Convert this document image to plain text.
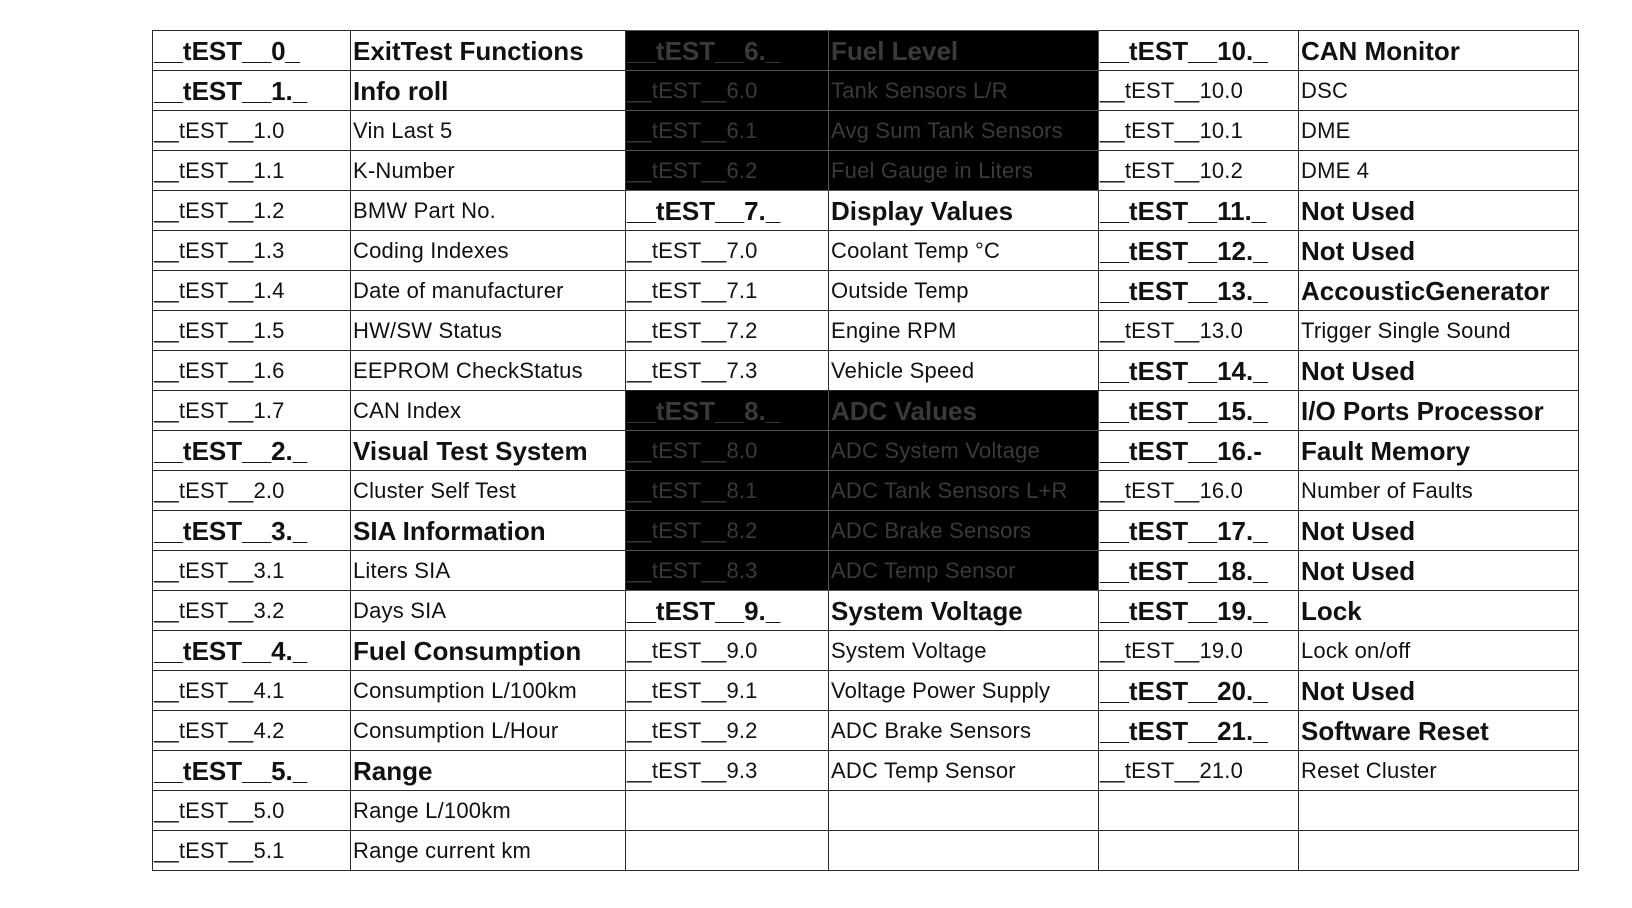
__tEST__0_	ExitTest Functions	__tEST__6._	Fuel Level	__tEST__10._	CAN Monitor
__tEST__1._	Info roll	__tEST__6.0	Tank Sensors L/R	__tEST__10.0	DSC
__tEST__1.0	Vin Last 5	__tEST__6.1	Avg Sum Tank Sensors	__tEST__10.1	DME
__tEST__1.1	K-Number	__tEST__6.2	Fuel Gauge in Liters	__tEST__10.2	DME 4
__tEST__1.2	BMW Part No.	__tEST__7._	Display Values	__tEST__11._	Not Used
__tEST__1.3	Coding Indexes	__tEST__7.0	Coolant Temp °C	__tEST__12._	Not Used
__tEST__1.4	Date of manufacturer	__tEST__7.1	Outside Temp	__tEST__13._	AccousticGenerator
__tEST__1.5	HW/SW Status	__tEST__7.2	Engine RPM	__tEST__13.0	Trigger Single Sound
__tEST__1.6	EEPROM CheckStatus	__tEST__7.3	Vehicle Speed	__tEST__14._	Not Used
__tEST__1.7	CAN Index	__tEST__8._	ADC Values	__tEST__15._	I/O Ports Processor
__tEST__2._	Visual Test System	__tEST__8.0	ADC System Voltage	__tEST__16.-	Fault Memory
__tEST__2.0	Cluster Self Test	__tEST__8.1	ADC Tank Sensors L+R	__tEST__16.0	Number of Faults
__tEST__3._	SIA Information	__tEST__8.2	ADC Brake Sensors	__tEST__17._	Not Used
__tEST__3.1	Liters SIA	__tEST__8.3	ADC Temp Sensor	__tEST__18._	Not Used
__tEST__3.2	Days SIA	__tEST__9._	System Voltage	__tEST__19._	Lock
__tEST__4._	Fuel Consumption	__tEST__9.0	System Voltage	__tEST__19.0	Lock on/off
__tEST__4.1	Consumption L/100km	__tEST__9.1	Voltage Power Supply	__tEST__20._	Not Used
__tEST__4.2	Consumption L/Hour	__tEST__9.2	ADC Brake Sensors	__tEST__21._	Software Reset
__tEST__5._	Range	__tEST__9.3	ADC Temp Sensor	__tEST__21.0	Reset Cluster
__tEST__5.0	Range L/100km				
__tEST__5.1	Range current km				
